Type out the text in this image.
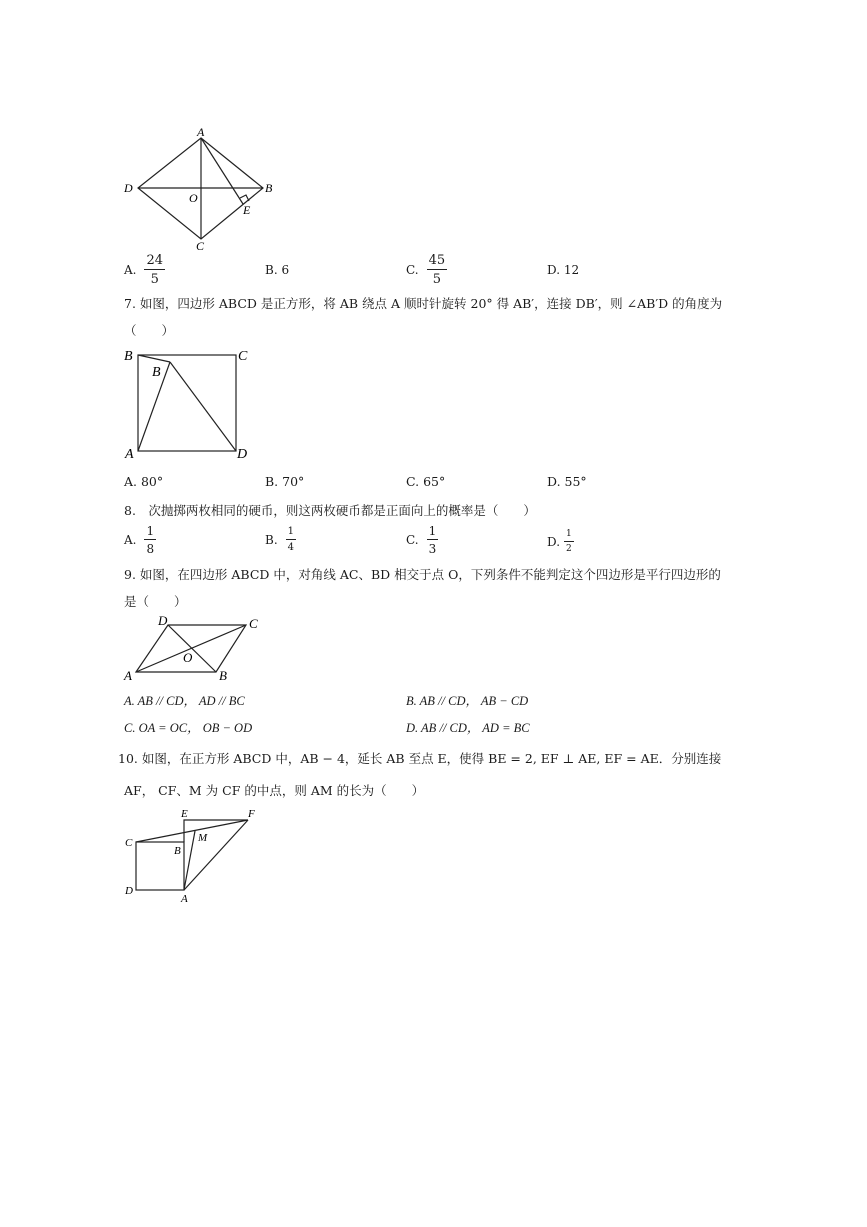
A
B
C
D
O
E
A. $\frac{24}{5}$	B. 6	C. $\frac{45}{5}$	D. 12
7. 如图，四边形 ABCD 是正方形，将 AB 绕点 A 顺时针旋转 20° 得 AB′，连接 DB′，则 ∠AB′D 的角度为
（　　）
B	C
B
A	D
A. 80°	B. 70°	C. 65°	D. 55°
8.　次抛掷两枚相同的硬币，则这两枚硬币都是正面向上的概率是（　　）
A. $\frac{1}{8}$	B. $\frac{1}{4}$	C. $\frac{1}{3}$	D. $\frac{1}{2}$
9. 如图，在四边形 ABCD 中，对角线 AC、BD 相交于点 O，下列条件不能判定这个四边形是平行四边形的
是（　　）
D	C
O
A	B
A. AB // CD， AD // BC	B. AB // CD， AB − CD
C. OA = OC， OB − OD	D. AB // CD， AD = BC
10. 如图，在正方形 ABCD 中，AB − 4，延长 AB 至点 E，使得 BE = 2, EF ⊥ AE, EF = AE．分别连接
AF， CF、M 为 CF 的中点，则 AM 的长为（　　）
E	F
C
B
M
D
A
